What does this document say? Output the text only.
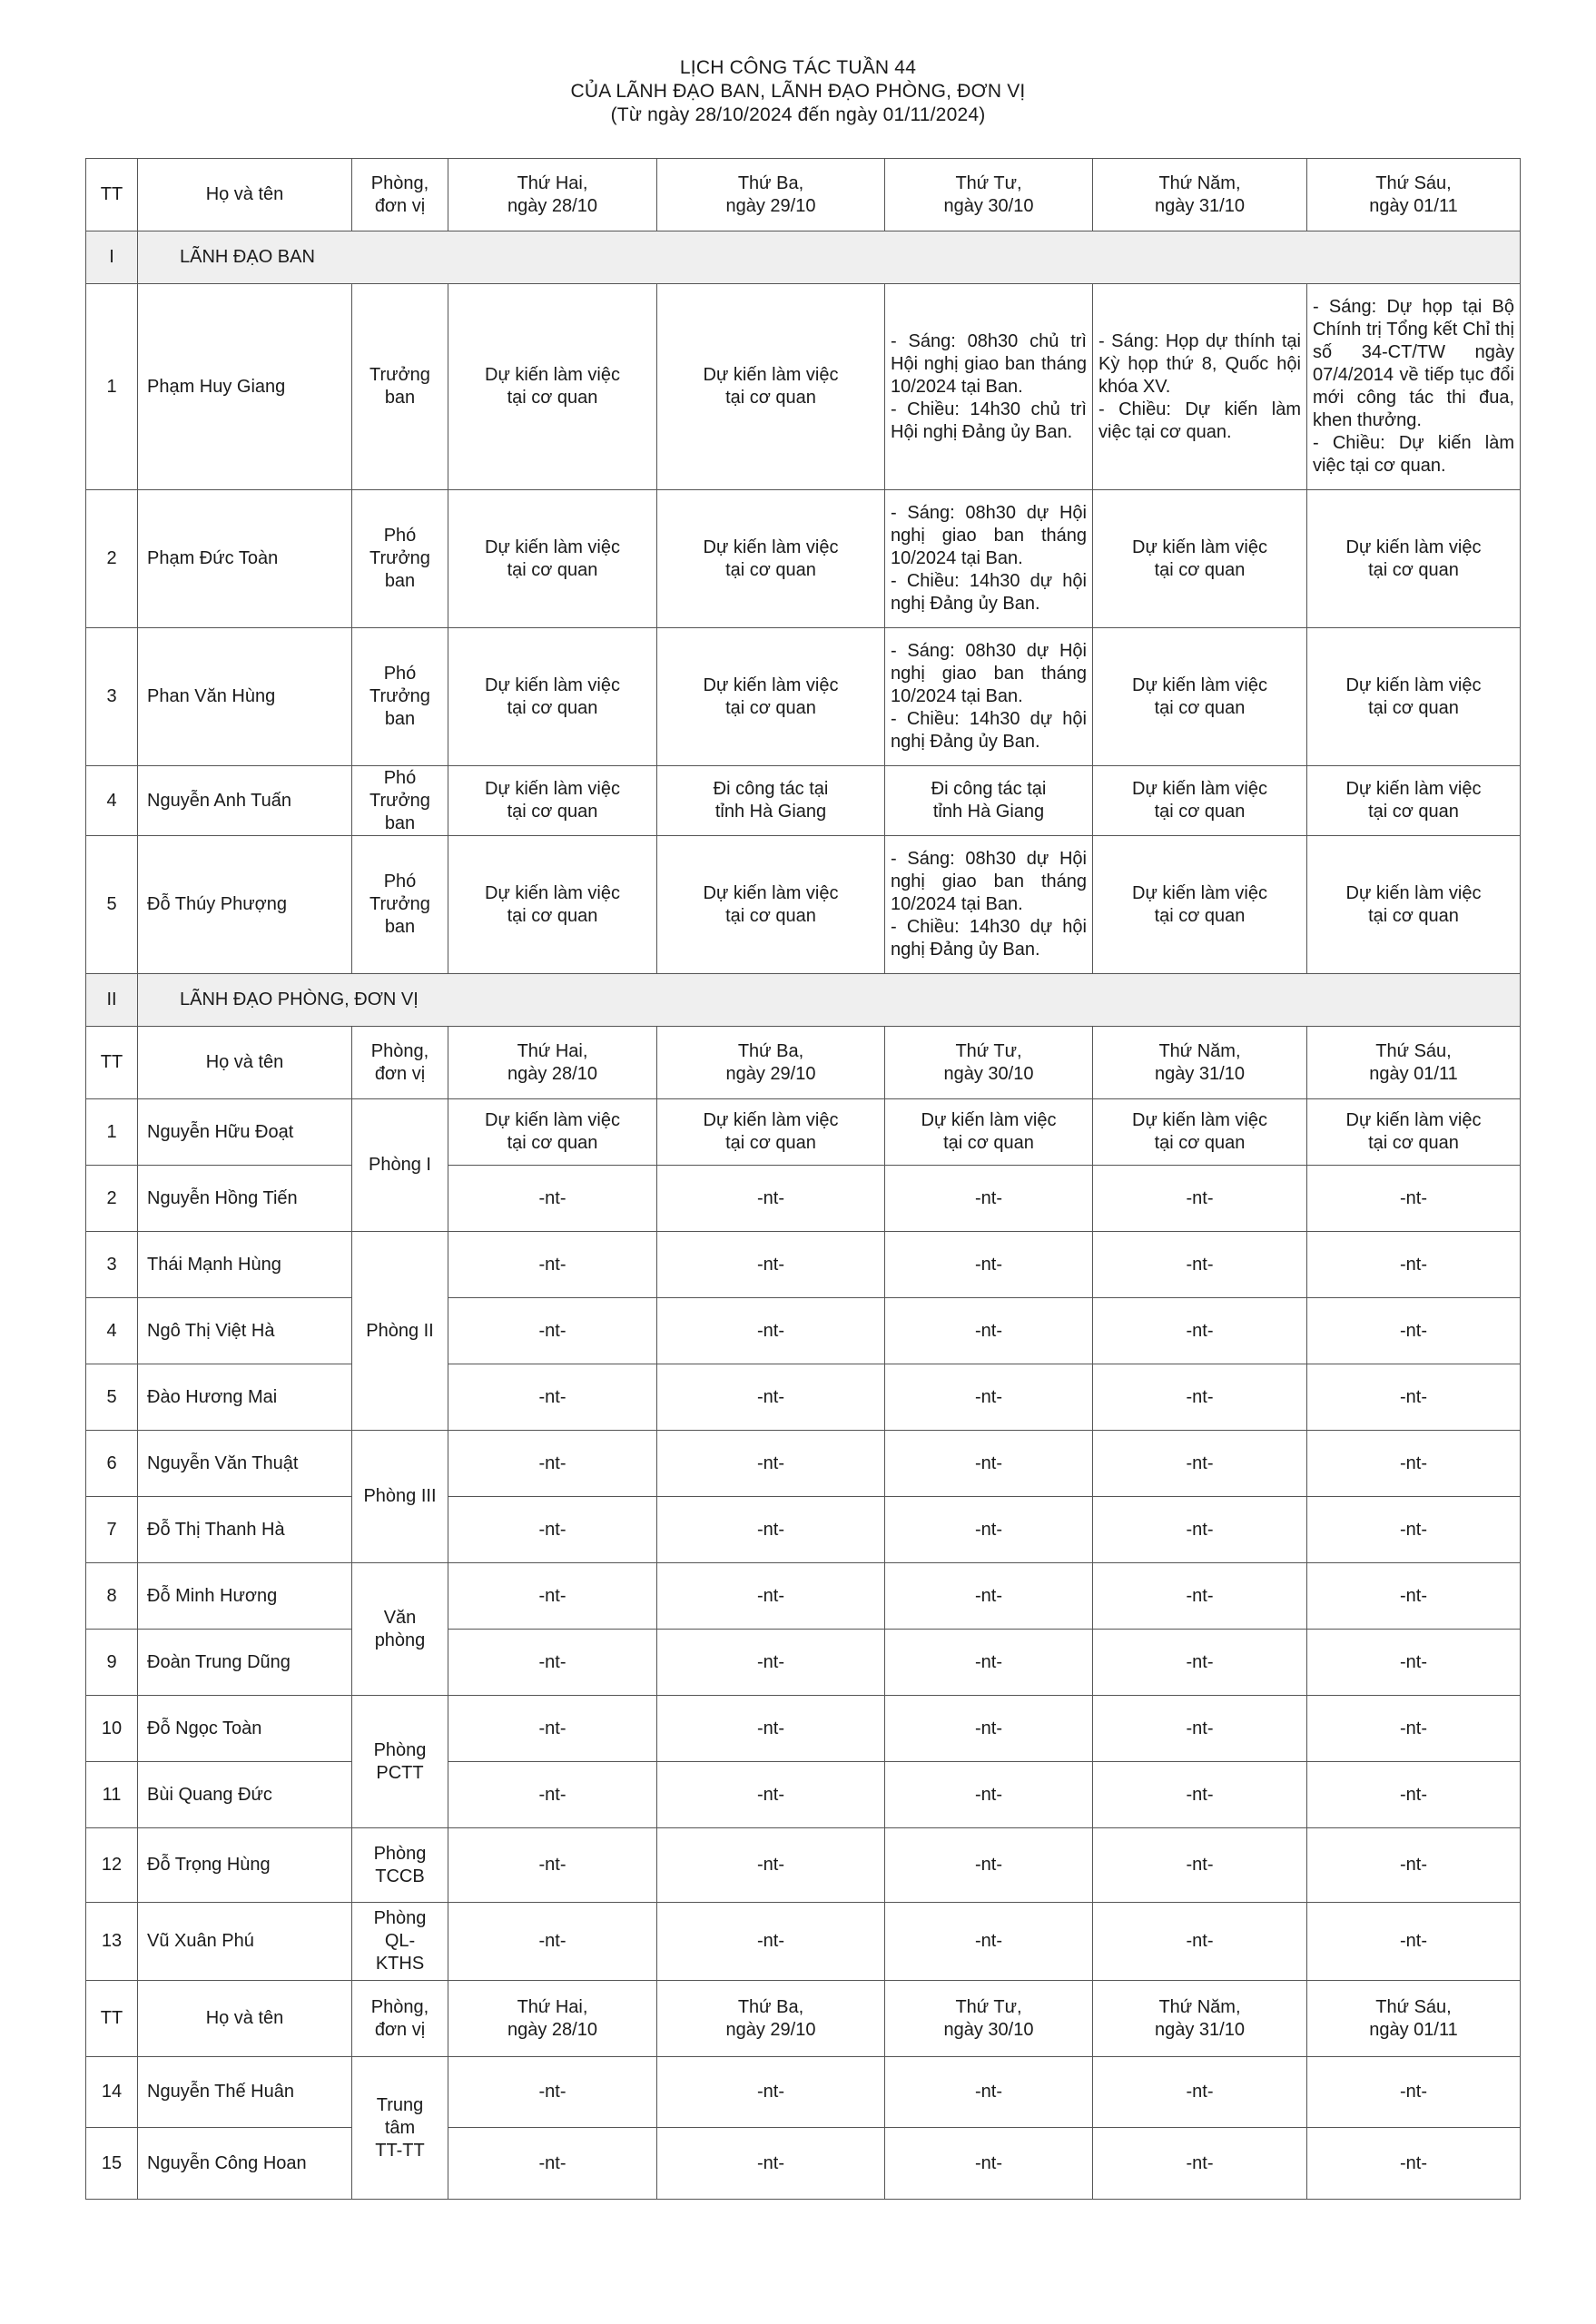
LỊCH CÔNG TÁC TUẦN 44
CỦA LÃNH ĐẠO BAN, LÃNH ĐẠO PHÒNG, ĐƠN VỊ
(Từ ngày 28/10/2024 đến ngày 01/11/2024)
TT	Họ và tên	Phòng,
đơn vị	Thứ Hai,
ngày 28/10	Thứ Ba,
ngày 29/10	Thứ Tư,
ngày 30/10	Thứ Năm,
ngày 31/10	Thứ Sáu,
ngày 01/11

I	LÃNH ĐẠO BAN						
1	Phạm Huy Giang	Trưởng
ban	Dự kiến làm việc
tại cơ quan	Dự kiến làm việc
tại cơ quan	- Sáng: 08h30 chủ trì Hội nghị giao ban tháng 10/2024 tại Ban.
- Chiều: 14h30 chủ trì Hội nghị Đảng ủy Ban.	- Sáng: Họp dự thính tại Kỳ họp thứ 8, Quốc hội khóa XV.
- Chiều: Dự kiến làm việc tại cơ quan.	- Sáng: Dự họp tại Bộ Chính trị Tổng kết Chỉ thị số 34-CT/TW ngày 07/4/2014 về tiếp tục đổi mới công tác thi đua, khen thưởng.
- Chiều: Dự kiến làm việc tại cơ quan.

2	Phạm Đức Toàn	Phó
Trưởng
ban	Dự kiến làm việc
tại cơ quan	Dự kiến làm việc
tại cơ quan	- Sáng: 08h30 dự Hội nghị giao ban tháng 10/2024 tại Ban.
- Chiều: 14h30 dự hội nghị Đảng ủy Ban.	Dự kiến làm việc
tại cơ quan	Dự kiến làm việc
tại cơ quan

3	Phan Văn Hùng	Phó
Trưởng
ban	Dự kiến làm việc
tại cơ quan	Dự kiến làm việc
tại cơ quan	- Sáng: 08h30 dự Hội nghị giao ban tháng 10/2024 tại Ban.
- Chiều: 14h30 dự hội nghị Đảng ủy Ban.	Dự kiến làm việc
tại cơ quan	Dự kiến làm việc
tại cơ quan

4	Nguyễn Anh Tuấn	Phó
Trưởng
ban	Dự kiến làm việc
tại cơ quan	Đi công tác tại
tỉnh Hà Giang	Đi công tác tại
tỉnh Hà Giang	Dự kiến làm việc
tại cơ quan	Dự kiến làm việc
tại cơ quan

5	Đỗ Thúy Phượng	Phó
Trưởng
ban	Dự kiến làm việc
tại cơ quan	Dự kiến làm việc
tại cơ quan	- Sáng: 08h30 dự Hội nghị giao ban tháng 10/2024 tại Ban.
- Chiều: 14h30 dự hội nghị Đảng ủy Ban.	Dự kiến làm việc
tại cơ quan	Dự kiến làm việc
tại cơ quan

II	LÃNH ĐẠO PHÒNG, ĐƠN VỊ						
TT	Họ và tên	Phòng,
đơn vị	Thứ Hai,
ngày 28/10	Thứ Ba,
ngày 29/10	Thứ Tư,
ngày 30/10	Thứ Năm,
ngày 31/10	Thứ Sáu,
ngày 01/11

1	Nguyễn Hữu Đoạt	Phòng I	Dự kiến làm việc
tại cơ quan	Dự kiến làm việc
tại cơ quan	Dự kiến làm việc
tại cơ quan	Dự kiến làm việc
tại cơ quan	Dự kiến làm việc
tại cơ quan

2	Nguyễn Hồng Tiến		-nt-	-nt-	-nt-	-nt-	-nt-
3	Thái Mạnh Hùng	Phòng II	-nt-	-nt-	-nt-	-nt-	-nt-
4	Ngô Thị Việt Hà		-nt-	-nt-	-nt-	-nt-	-nt-
5	Đào Hương Mai		-nt-	-nt-	-nt-	-nt-	-nt-
6	Nguyễn Văn Thuật	Phòng III	-nt-	-nt-	-nt-	-nt-	-nt-
7	Đỗ Thị Thanh Hà		-nt-	-nt-	-nt-	-nt-	-nt-
8	Đỗ Minh Hương	Văn
phòng	-nt-	-nt-	-nt-	-nt-	-nt-
9	Đoàn Trung Dũng		-nt-	-nt-	-nt-	-nt-	-nt-
10	Đỗ Ngọc Toàn	Phòng
PCTT	-nt-	-nt-	-nt-	-nt-	-nt-
11	Bùi Quang Đức		-nt-	-nt-	-nt-	-nt-	-nt-
12	Đỗ Trọng Hùng	Phòng
TCCB	-nt-	-nt-	-nt-	-nt-	-nt-
13	Vũ Xuân Phú	Phòng
QL-
KTHS	-nt-	-nt-	-nt-	-nt-	-nt-
TT	Họ và tên	Phòng,
đơn vị	Thứ Hai,
ngày 28/10	Thứ Ba,
ngày 29/10	Thứ Tư,
ngày 30/10	Thứ Năm,
ngày 31/10	Thứ Sáu,
ngày 01/11

14	Nguyễn Thế Huân	Trung
tâm
TT-TT	-nt-	-nt-	-nt-	-nt-	-nt-
15	Nguyễn Công Hoan		-nt-	-nt-	-nt-	-nt-	-nt-
